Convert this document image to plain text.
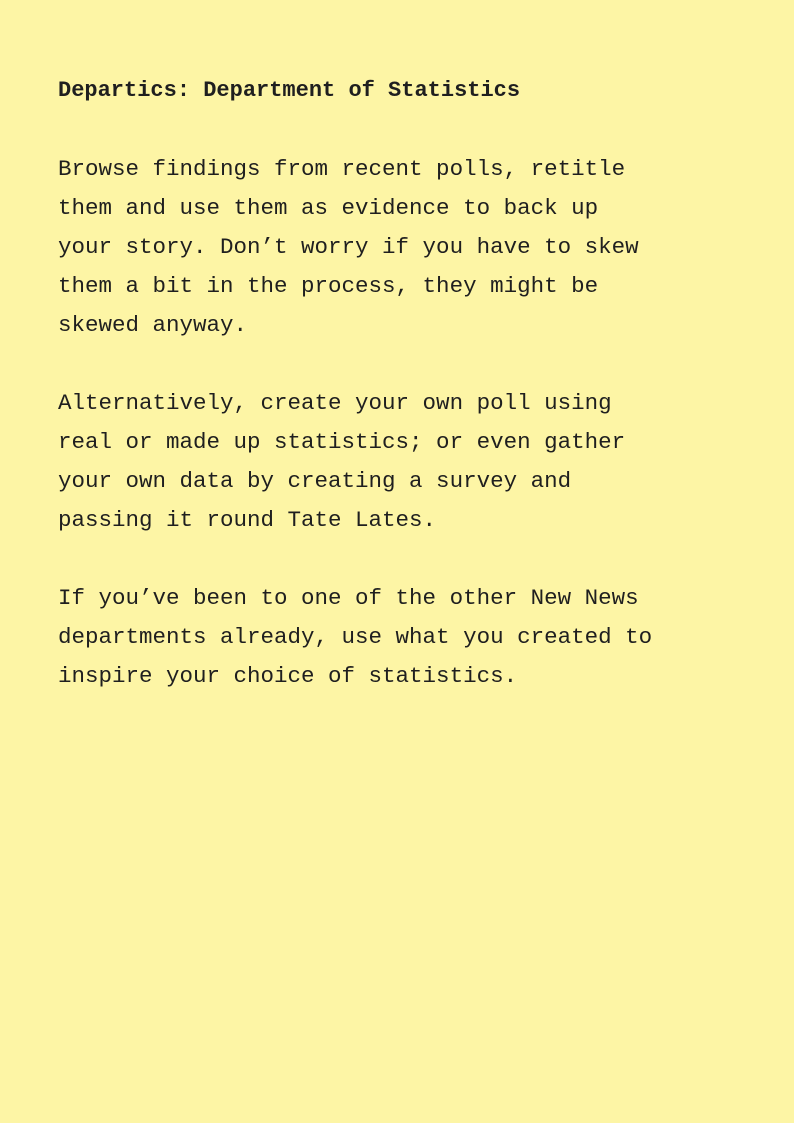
Departics: Department of Statistics
Browse findings from recent polls, retitle
them and use them as evidence to back up
your story. Don’t worry if you have to skew
them a bit in the process, they might be
skewed anyway.
Alternatively, create your own poll using
real or made up statistics; or even gather
your own data by creating a survey and
passing it round Tate Lates.
If you’ve been to one of the other New News
departments already, use what you created to
inspire your choice of statistics.
